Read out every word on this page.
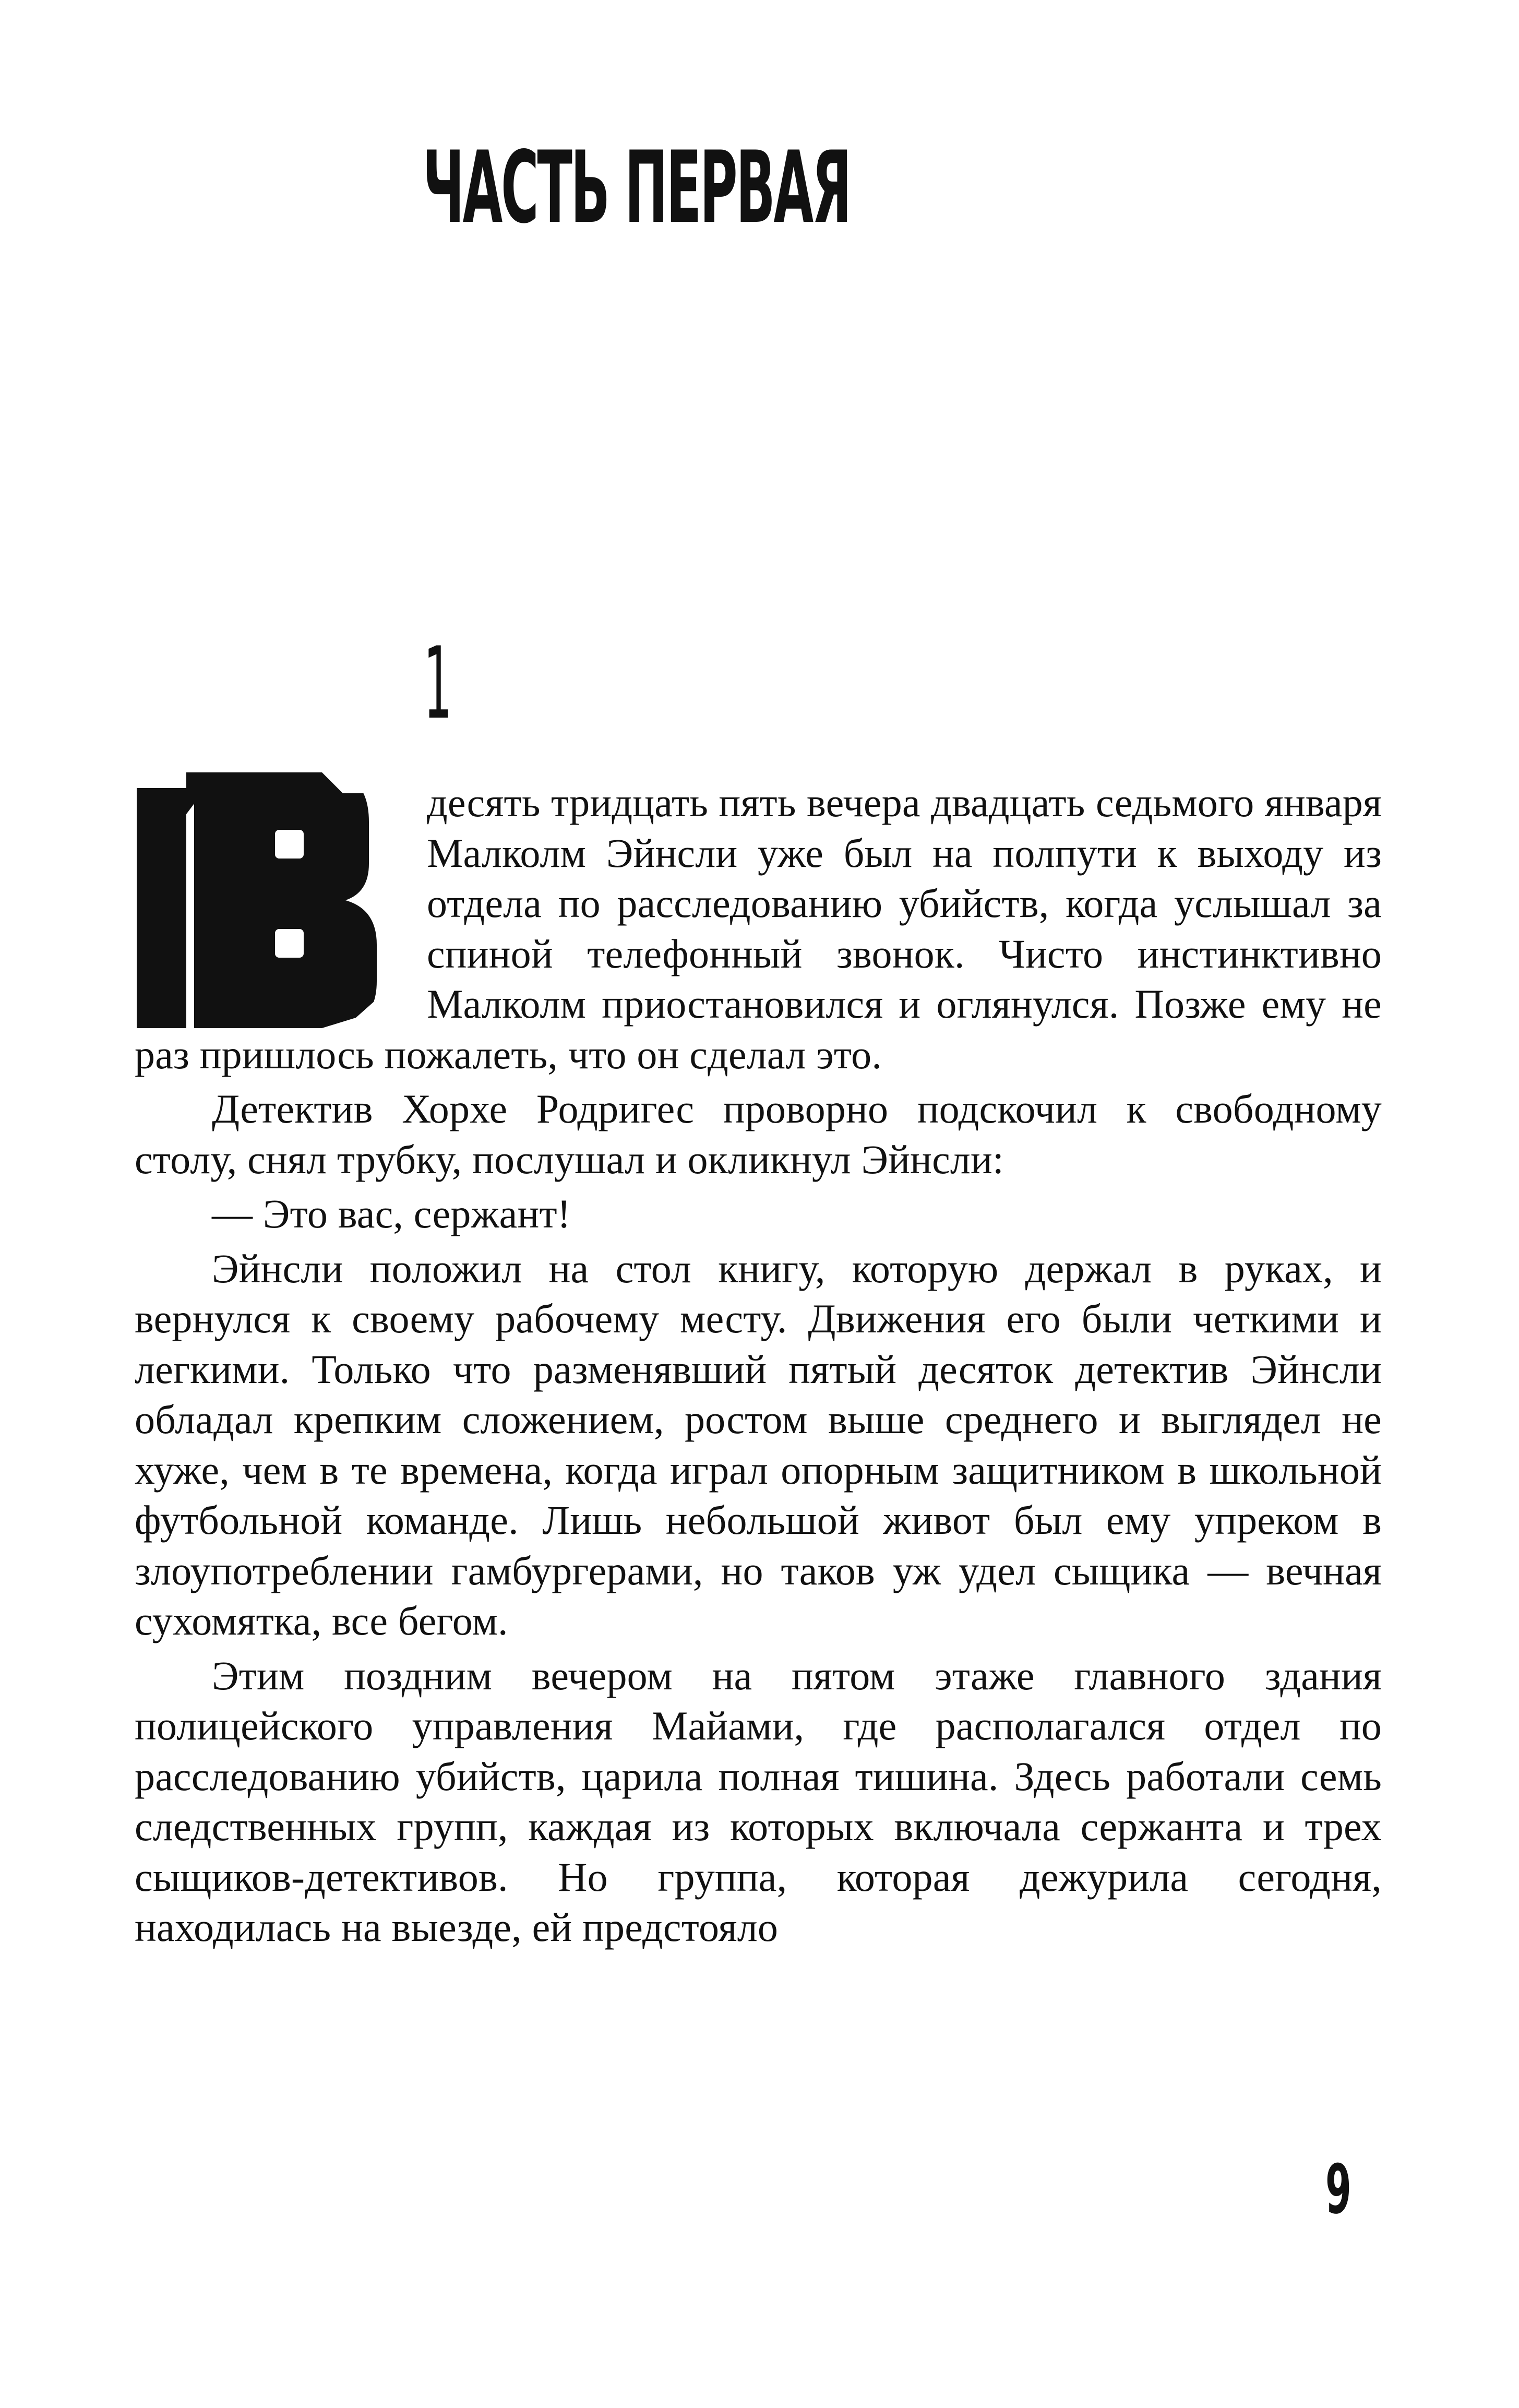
ЧАСТЬ ПЕРВАЯ
1

десять тридцать пять вечера двадцать седьмого января Малколм Эйнсли уже был на полпути к выходу из отдела по расследованию убийств, когда услышал за спиной телефонный звонок. Чисто инстинктивно Малколм приостановился и оглянулся. Позже ему не раз пришлось пожалеть, что он сделал это.

Детектив Хорхе Родригес проворно подскочил к свободному столу, снял трубку, послушал и окликнул Эйнсли:

— Это вас, сержант!

Эйнсли положил на стол книгу, которую держал в руках, и вернулся к своему рабочему месту. Движения его были четкими и легкими. Только что разменявший пятый десяток детектив Эйнсли обладал крепким сложением, ростом выше среднего и выглядел не хуже, чем в те времена, когда играл опорным защитником в школьной футбольной команде. Лишь небольшой живот был ему упреком в злоупотреблении гамбургерами, но таков уж удел сыщика — вечная сухомятка, все бегом.

Этим поздним вечером на пятом этаже главного здания полицейского управления Майами, где располагался отдел по расследованию убийств, царила полная тишина. Здесь работали семь следственных групп, каждая из которых включала сержанта и трех сыщиков-детективов. Но группа, которая дежурила сегодня, находилась на выезде, ей предстояло

9
